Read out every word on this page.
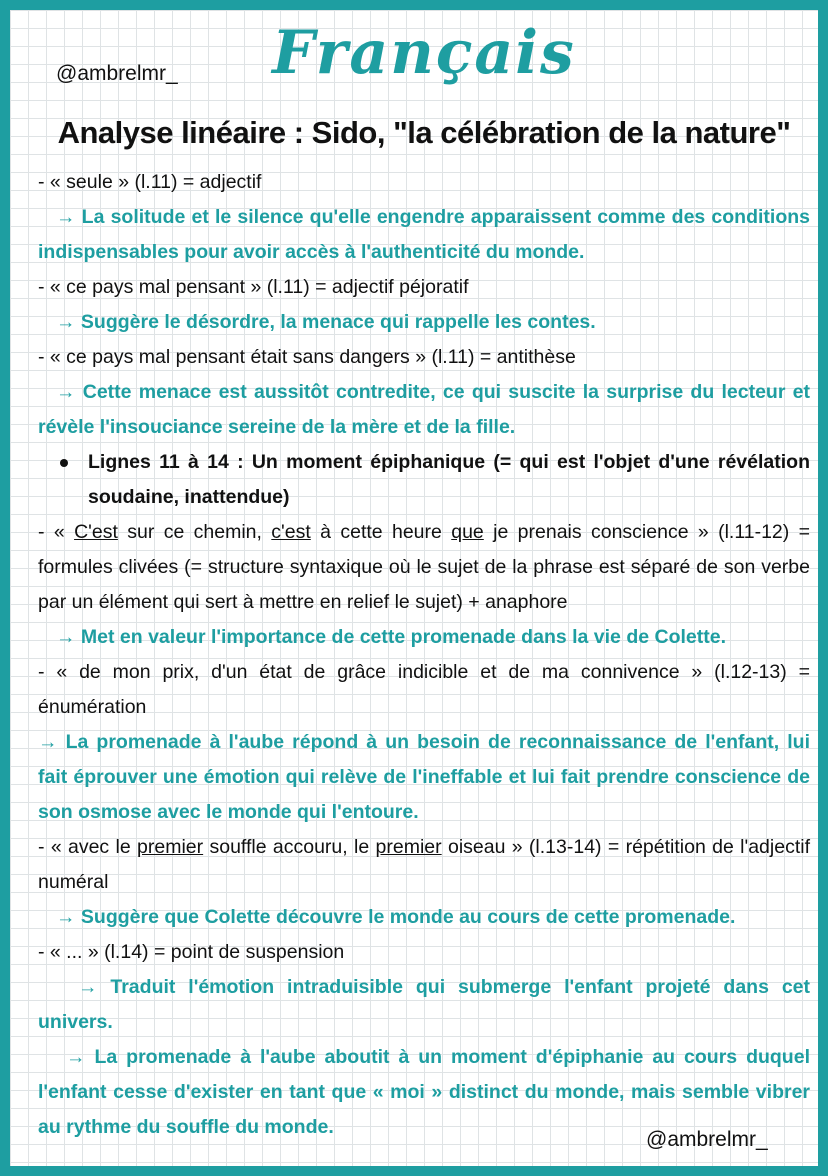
@ambrelmr_	Français
Analyse linéaire : Sido, "la célébration de la nature"

- « seule » (l.11) = adjectif

→ La solitude et le silence qu'elle engendre apparaissent comme des conditions indispensables pour avoir accès à l'authenticité du monde.

- « ce pays mal pensant » (l.11) = adjectif péjoratif

→ Suggère le désordre, la menace qui rappelle les contes.

- « ce pays mal pensant était sans dangers » (l.11) = antithèse

→ Cette menace est aussitôt contredite, ce qui suscite la surprise du lecteur et révèle l'insouciance sereine de la mère et de la fille.

Lignes 11 à 14 : Un moment épiphanique (= qui est l'objet d'une révélation soudaine, inattendue)

- « C'est sur ce chemin, c'est à cette heure que je prenais conscience » (l.11-12) = formules clivées (= structure syntaxique où le sujet de la phrase est séparé de son verbe par un élément qui sert à mettre en relief le sujet) + anaphore

→ Met en valeur l'importance de cette promenade dans la vie de Colette.

- « de mon prix, d'un état de grâce indicible et de ma connivence » (l.12-13) = énumération

→ La promenade à l'aube répond à un besoin de reconnaissance de l'enfant, lui fait éprouver une émotion qui relève de l'ineffable et lui fait prendre conscience de son osmose avec le monde qui l'entoure.

- « avec le premier souffle accouru, le premier oiseau » (l.13-14) = répétition de l'adjectif numéral

→ Suggère que Colette découvre le monde au cours de cette promenade.

- « ... » (l.14) = point de suspension

→ Traduit l'émotion intraduisible qui submerge l'enfant projeté dans cet univers.

→ La promenade à l'aube aboutit à un moment d'épiphanie au cours duquel l'enfant cesse d'exister en tant que « moi » distinct du monde, mais semble vibrer au rythme du souffle du monde.

@ambrelmr_
